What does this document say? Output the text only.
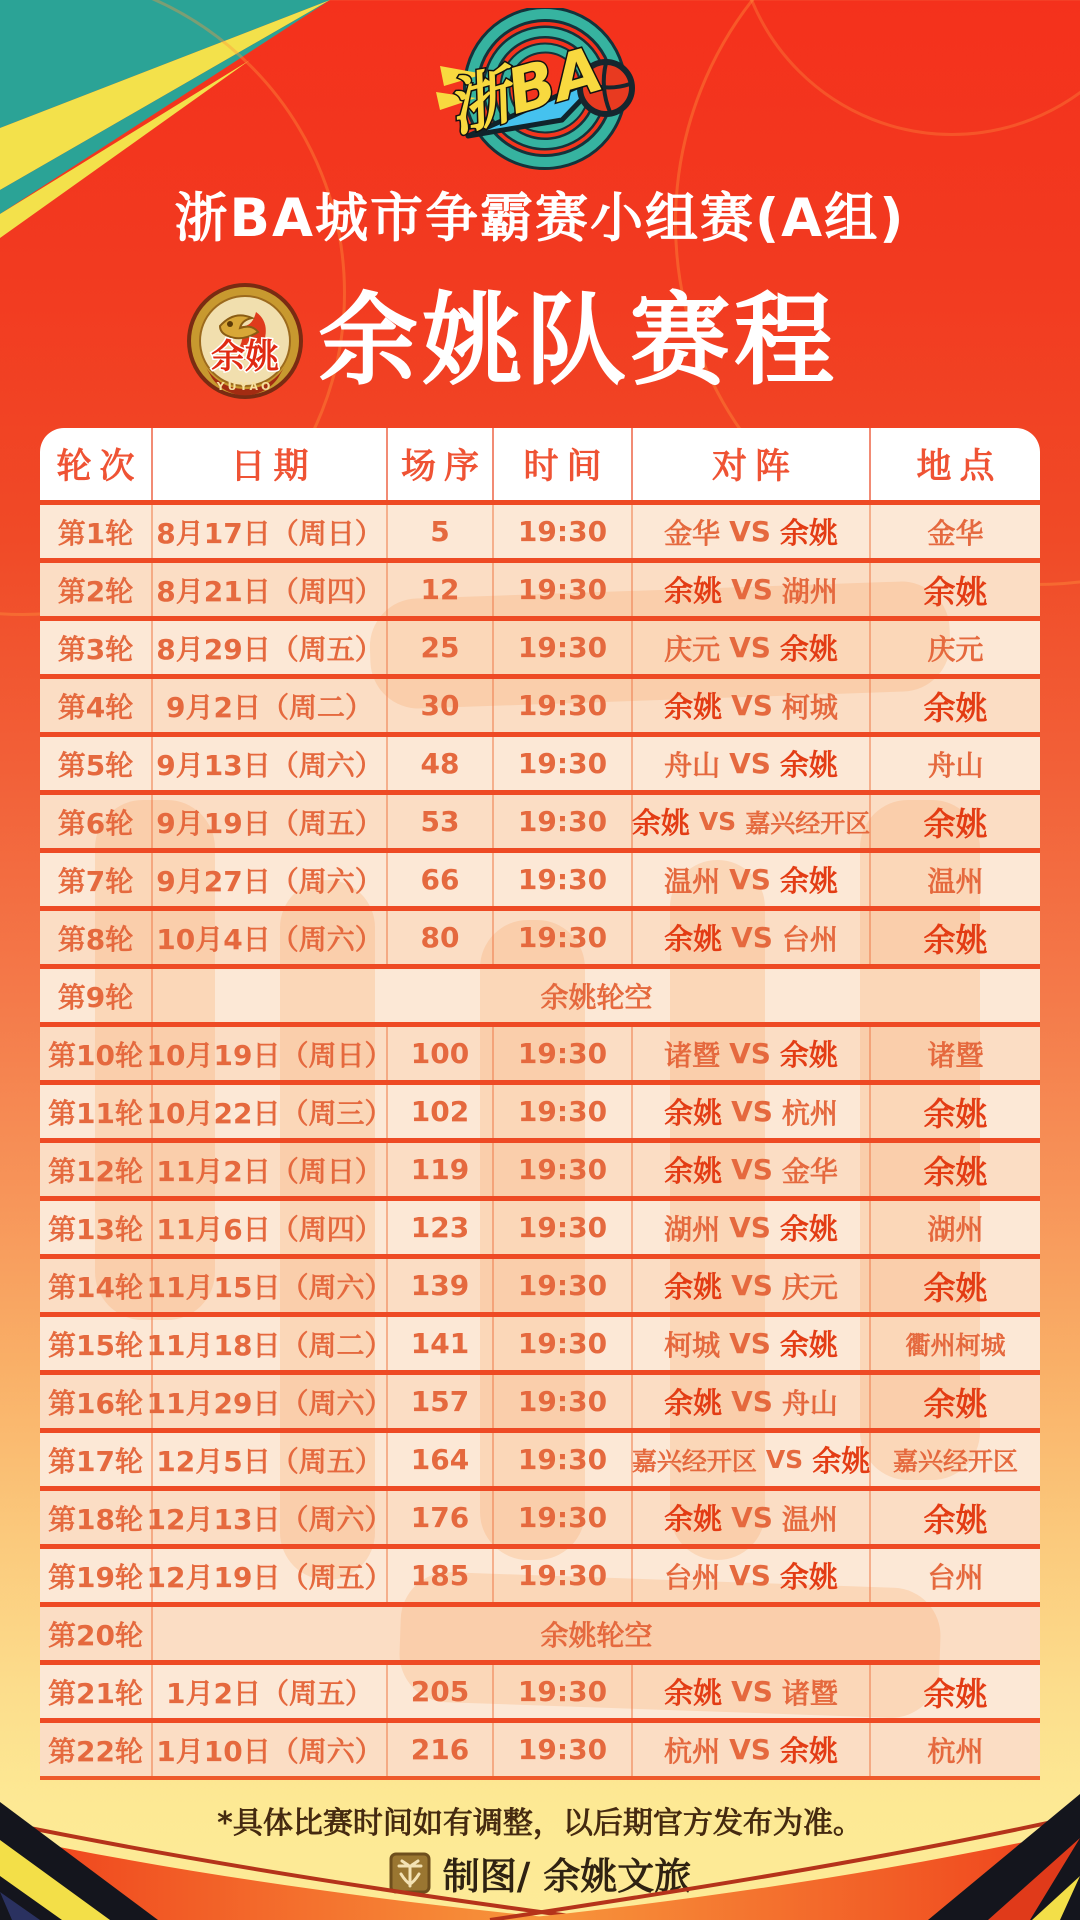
浙BA
浙BA城市争霸赛小组赛(A组)
余姚
YUYAO 余姚队赛程
轮次	日期	场序	时间	对阵	地点
第1轮 8月17日（周日）	5	19:30	金华 VS 余姚	金华
第2轮 8月21日（周四）	12	19:30	余姚 VS 湖州	余姚
第3轮 8月29日（周五）	25	19:30	庆元 VS 余姚	庆元
第4轮	9月2日（周二）	30	19:30	余姚 VS 柯城	余姚
第5轮 9月13日（周六）	48	19:30	舟山 VS 余姚	舟山
第6轮 9月19日（周五）	53	19:30 余姚 VS 嘉兴经开区	余姚
第7轮 9月27日（周六）	66	19:30	温州 VS 余姚	温州
第8轮 10月4日（周六）	80	19:30	余姚 VS 台州	余姚
第9轮	余姚轮空
第10轮 10月19日（周日） 100	19:30	诸暨 VS 余姚	诸暨
第11轮 10月22日（周三） 102	19:30	余姚 VS 杭州	余姚
第12轮 11月2日（周日）	119	19:30	余姚 VS 金华	余姚
第13轮 11月6日（周四）	123	19:30	湖州 VS 余姚	湖州
第14轮 11月15日（周六） 139	19:30	余姚 VS 庆元	余姚
第15轮 11月18日（周二） 141	19:30	柯城 VS 余姚	衢州柯城
第16轮 11月29日（周六） 157	19:30	余姚 VS 舟山	余姚
第17轮 12月5日（周五）	164	19:30 嘉兴经开区 VS 余姚 嘉兴经开区
第18轮 12月13日（周六） 176	19:30	余姚 VS 温州	余姚
第19轮 12月19日（周五） 185	19:30	台州 VS 余姚	台州
第20轮	余姚轮空
第21轮 1月2日（周五）	205	19:30	余姚 VS 诸暨	余姚
第22轮 1月10日（周六）	216	19:30	杭州 VS 余姚	杭州
*具体比赛时间如有调整，以后期官方发布为准。
制图/ 余姚文旅
